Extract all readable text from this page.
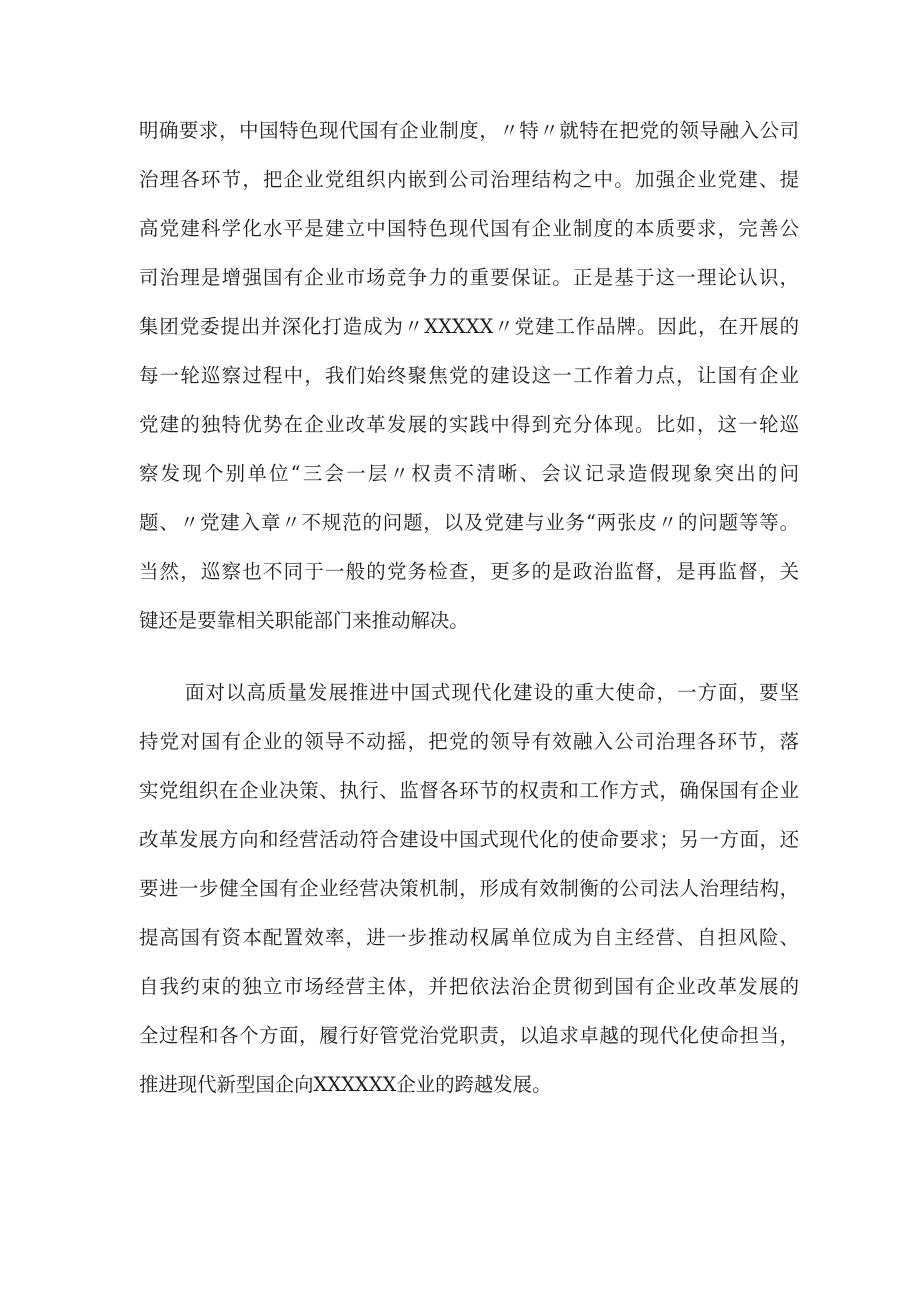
明确要求，中国特色现代国有企业制度，〃特〃就特在把党的领导融入公司

治理各环节，把企业党组织内嵌到公司治理结构之中。加强企业党建、提

高党建科学化水平是建立中国特色现代国有企业制度的本质要求，完善公

司治理是增强国有企业市场竞争力的重要保证。正是基于这一理论认识，

集团党委提出并深化打造成为〃XXXXX〃党建工作品牌。因此，在开展的

每一轮巡察过程中，我们始终聚焦党的建设这一工作着力点，让国有企业

党建的独特优势在企业改革发展的实践中得到充分体现。比如，这一轮巡

察发现个别单位“三会一层〃权责不清晰、会议记录造假现象突出的问

题、〃党建入章〃不规范的问题，以及党建与业务“两张皮〃的问题等等。

当然，巡察也不同于一般的党务检查，更多的是政治监督，是再监督，关

键还是要靠相关职能部门来推动解决。

面对以高质量发展推进中国式现代化建设的重大使命，一方面，要坚

持党对国有企业的领导不动摇，把党的领导有效融入公司治理各环节，落

实党组织在企业决策、执行、监督各环节的权责和工作方式，确保国有企业

改革发展方向和经营活动符合建设中国式现代化的使命要求；另一方面，还

要进一步健全国有企业经营决策机制，形成有效制衡的公司法人治理结构，

提高国有资本配置效率，进一步推动权属单位成为自主经营、自担风险、

自我约束的独立市场经营主体，并把依法治企贯彻到国有企业改革发展的

全过程和各个方面，履行好管党治党职责，以追求卓越的现代化使命担当，

推进现代新型国企向XXXXXX企业的跨越发展。
